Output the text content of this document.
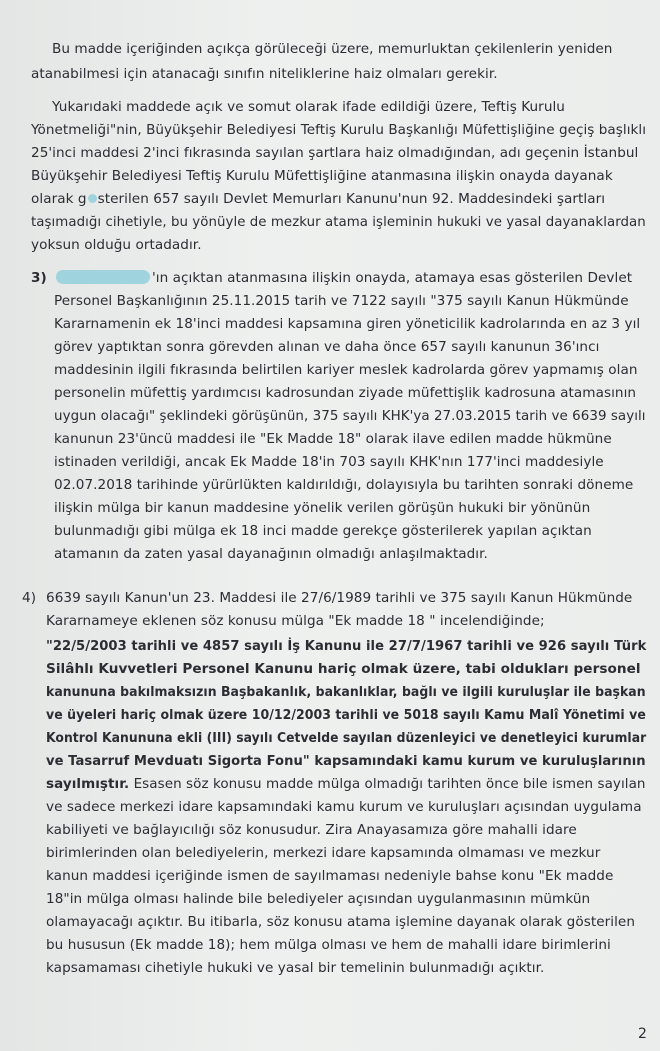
Bu madde içeriğinden açıkça görüleceği üzere, memurluktan çekilenlerin yeniden
atanabilmesi için atanacağı sınıfın niteliklerine haiz olmaları gerekir.
Yukarıdaki maddede açık ve somut olarak ifade edildiği üzere, Teftiş Kurulu
Yönetmeliği"nin, Büyükşehir Belediyesi Teftiş Kurulu Başkanlığı Müfettişliğine geçiş başlıklı
25'inci maddesi 2'inci fıkrasında sayılan şartlara haiz olmadığından, adı geçenin İstanbul
Büyükşehir Belediyesi Teftiş Kurulu Müfettişliğine atanmasına ilişkin onayda dayanak
olarak g sterilen 657 sayılı Devlet Memurları Kanunu'nun 92. Maddesindeki şartları
taşımadığı cihetiyle, bu yönüyle de mezkur atama işleminin hukuki ve yasal dayanaklardan
yoksun olduğu ortadadır.
3)	'ın açıktan atanmasına ilişkin onayda, atamaya esas gösterilen Devlet
Personel Başkanlığının 25.11.2015 tarih ve 7122 sayılı "375 sayılı Kanun Hükmünde
Kararnamenin ek 18'inci maddesi kapsamına giren yöneticilik kadrolarında en az 3 yıl
görev yaptıktan sonra görevden alınan ve daha önce 657 sayılı kanunun 36'ıncı
maddesinin ilgili fıkrasında belirtilen kariyer meslek kadrolarda görev yapmamış olan
personelin müfettiş yardımcısı kadrosundan ziyade müfettişlik kadrosuna atamasının
uygun olacağı" şeklindeki görüşünün, 375 sayılı KHK'ya 27.03.2015 tarih ve 6639 sayılı
kanunun 23'üncü maddesi ile "Ek Madde 18" olarak ilave edilen madde hükmüne
istinaden verildiği, ancak Ek Madde 18'in 703 sayılı KHK'nın 177'inci maddesiyle
02.07.2018 tarihinde yürürlükten kaldırıldığı, dolayısıyla bu tarihten sonraki döneme
ilişkin mülga bir kanun maddesine yönelik verilen görüşün hukuki bir yönünün
bulunmadığı gibi mülga ek 18 inci madde gerekçe gösterilerek yapılan açıktan
atamanın da zaten yasal dayanağının olmadığı anlaşılmaktadır.
4) 6639 sayılı Kanun'un 23. Maddesi ile 27/6/1989 tarihli ve 375 sayılı Kanun Hükmünde
Kararnameye eklenen söz konusu mülga "Ek madde 18 " incelendiğinde;
"22/5/2003 tarihli ve 4857 sayılı İş Kanunu ile 27/7/1967 tarihli ve 926 sayılı Türk
Silâhlı Kuvvetleri Personel Kanunu hariç olmak üzere, tabi oldukları personel
kanununa bakılmaksızın Başbakanlık, bakanlıklar, bağlı ve ilgili kuruluşlar ile başkan
ve üyeleri hariç olmak üzere 10/12/2003 tarihli ve 5018 sayılı Kamu Malî Yönetimi ve
Kontrol Kanununa ekli (III) sayılı Cetvelde sayılan düzenleyici ve denetleyici kurumlar
ve Tasarruf Mevduatı Sigorta Fonu" kapsamındaki kamu kurum ve kuruluşlarının
sayılmıştır. Esasen söz konusu madde mülga olmadığı tarihten önce bile ismen sayılan
ve sadece merkezi idare kapsamındaki kamu kurum ve kuruluşları açısından uygulama
kabiliyeti ve bağlayıcılığı söz konusudur. Zira Anayasamıza göre mahalli idare
birimlerinden olan belediyelerin, merkezi idare kapsamında olmaması ve mezkur
kanun maddesi içeriğinde ismen de sayılmaması nedeniyle bahse konu "Ek madde
18"in mülga olması halinde bile belediyeler açısından uygulanmasının mümkün
olamayacağı açıktır. Bu itibarla, söz konusu atama işlemine dayanak olarak gösterilen
bu hususun (Ek madde 18); hem mülga olması ve hem de mahalli idare birimlerini
kapsamaması cihetiyle hukuki ve yasal bir temelinin bulunmadığı açıktır.
2
